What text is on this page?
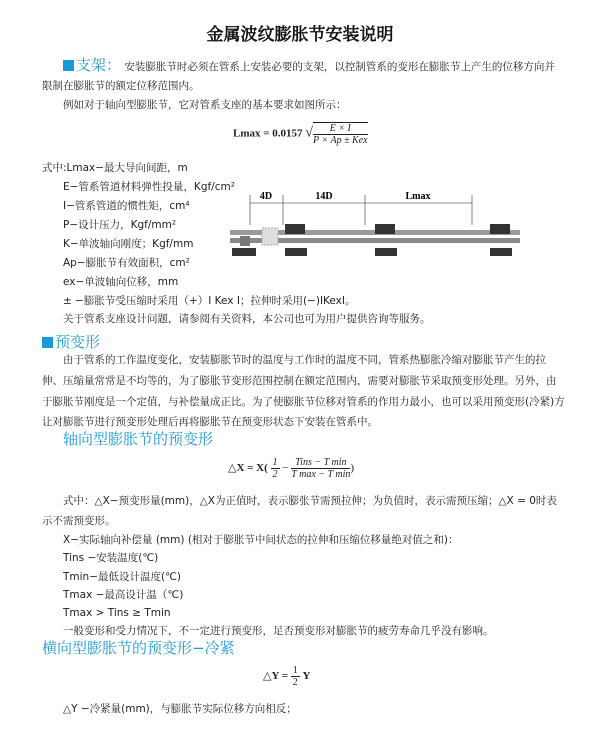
金属波纹膨胀节安装说明
支架： 安装膨胀节时必须在管系上安装必要的支架，以控制管系的变形在膨胀节上产生的位移方向并
限制在膨胀节的额定位移范围内。
例如对于轴向型膨胀节，它对管系支座的基本要求如图所示：
Lmax = 0.0157 √ $\frac{E \times I}{\text{P × Ap ± Kex}}$
式中:Lmax−最大导向间距，m
E−管系管道材料弹性投量，Kgf/cm²
I−管系管道的惯性矩，cm⁴
P−设计压力，Kgf/mm²
K−单波轴向刚度；Kgf/mm
Ap−膨胀节有效面积，cm²
ex−单波轴向位移，mm
± −膨胀节受压缩时采用（+）I Kex I；拉伸时采用(−)IKexI。
关于管系支座设计问题，请参阅有关资料，本公司也可为用户提供咨询等服务。
4D	14D	Lmax
预变形
由于管系的工作温度变化，安装膨胀节时的温度与工作时的温度不同，管系热膨胀冷缩对膨胀节产生的拉
伸、压缩量常常是不均等的，为了膨胀节变形范围控制在额定范围内，需要对膨胀节采取预变形处理。另外，由
于膨胀节刚度是一个定值，与补偿量成正比。为了使膨胀节位移对管系的作用力最小，也可以采用预变形(冷紧)方
让对膨胀节进行预变形处理后再将膨胀节在预变形状态下安装在管系中。
轴向型膨胀节的预变形
△X = $X( \frac{1}{2} - \frac{\text{Tins − T min}}{\text{T max − T min}}$ )
式中：△X−预变形量(mm)，△X为正值时，表示膨张节需预拉伸；为负值时，表示需预压缩；△X = 0时表
示不需预变形。
X−实际轴向补偿量 (mm) (相对于膨胀节中间状态的拉伸和压缩位移量绝对值之和)：
Tins −安装温度(℃)
Tmin−最低设计温度(℃)
Tmax −最高设计温（℃)
Tmax > Tins ≥ Tmin
一般变形和受力情况下，不一定进行预变形，足否预变形对膨胀节的疲劳寿命几乎没有影响。
横向型膨胀节的预变形−冷紧
△Y = $\frac{1}{2}$ Y
△Y −冷紧量(mm)，与膨胀节实际位移方向相反；
